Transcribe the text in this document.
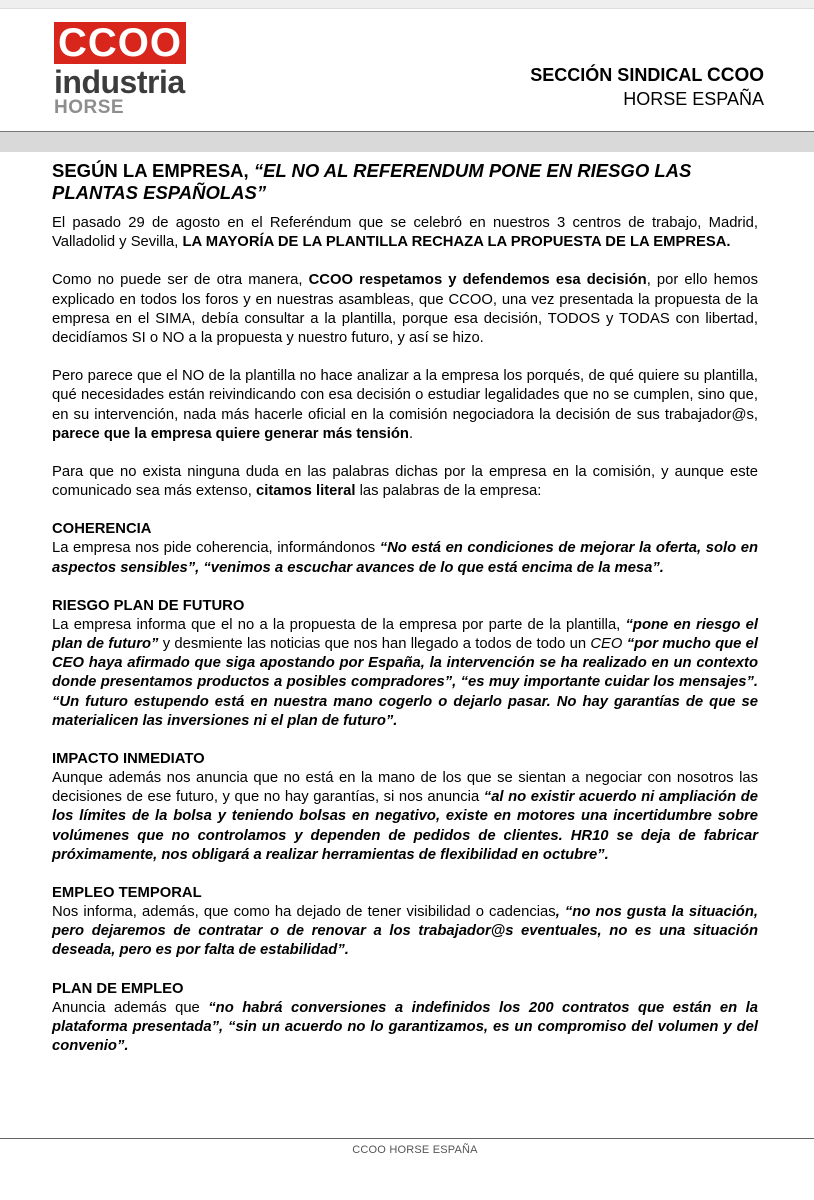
CCOO
industria
HORSE
SECCIÓN SINDICAL CCOO
HORSE ESPAÑA
SEGÚN LA EMPRESA, “EL NO AL REFERENDUM PONE EN RIESGO LAS PLANTAS ESPAÑOLAS”

El pasado 29 de agosto en el Referéndum que se celebró en nuestros 3 centros de trabajo, Madrid, Valladolid y Sevilla, LA MAYORÍA DE LA PLANTILLA RECHAZA LA PROPUESTA DE LA EMPRESA.

Como no puede ser de otra manera, CCOO respetamos y defendemos esa decisión, por ello hemos explicado en todos los foros y en nuestras asambleas, que CCOO, una vez presentada la propuesta de la empresa en el SIMA, debía consultar a la plantilla, porque esa decisión, TODOS y TODAS con libertad, decidíamos SI o NO a la propuesta y nuestro futuro, y así se hizo.

Pero parece que el NO de la plantilla no hace analizar a la empresa los porqués, de qué quiere su plantilla, qué necesidades están reivindicando con esa decisión o estudiar legalidades que no se cumplen, sino que, en su intervención, nada más hacerle oficial en la comisión negociadora la decisión de sus trabajador@s, parece que la empresa quiere generar más tensión.

Para que no exista ninguna duda en las palabras dichas por la empresa en la comisión, y aunque este comunicado sea más extenso, citamos literal las palabras de la empresa:

COHERENCIA

La empresa nos pide coherencia, informándonos “No está en condiciones de mejorar la oferta, solo en aspectos sensibles”, “venimos a escuchar avances de lo que está encima de la mesa”.

RIESGO PLAN DE FUTURO

La empresa informa que el no a la propuesta de la empresa por parte de la plantilla, “pone en riesgo el plan de futuro” y desmiente las noticias que nos han llegado a todos de todo un CEO “por mucho que el CEO haya afirmado que siga apostando por España, la intervención se ha realizado en un contexto donde presentamos productos a posibles compradores”, “es muy importante cuidar los mensajes”. “Un futuro estupendo está en nuestra mano cogerlo o dejarlo pasar. No hay garantías de que se materialicen las inversiones ni el plan de futuro”.

IMPACTO INMEDIATO

Aunque además nos anuncia que no está en la mano de los que se sientan a negociar con nosotros las decisiones de ese futuro, y que no hay garantías, si nos anuncia “al no existir acuerdo ni ampliación de los límites de la bolsa y teniendo bolsas en negativo, existe en motores una incertidumbre sobre volúmenes que no controlamos y dependen de pedidos de clientes. HR10 se deja de fabricar próximamente, nos obligará a realizar herramientas de flexibilidad en octubre”.

EMPLEO TEMPORAL

Nos informa, además, que como ha dejado de tener visibilidad o cadencias, “no nos gusta la situación, pero dejaremos de contratar o de renovar a los trabajador@s eventuales, no es una situación deseada, pero es por falta de estabilidad”.

PLAN DE EMPLEO

Anuncia además que “no habrá conversiones a indefinidos los 200 contratos que están en la plataforma presentada”, “sin un acuerdo no lo garantizamos, es un compromiso del volumen y del convenio”.

CCOO HORSE ESPAÑA
